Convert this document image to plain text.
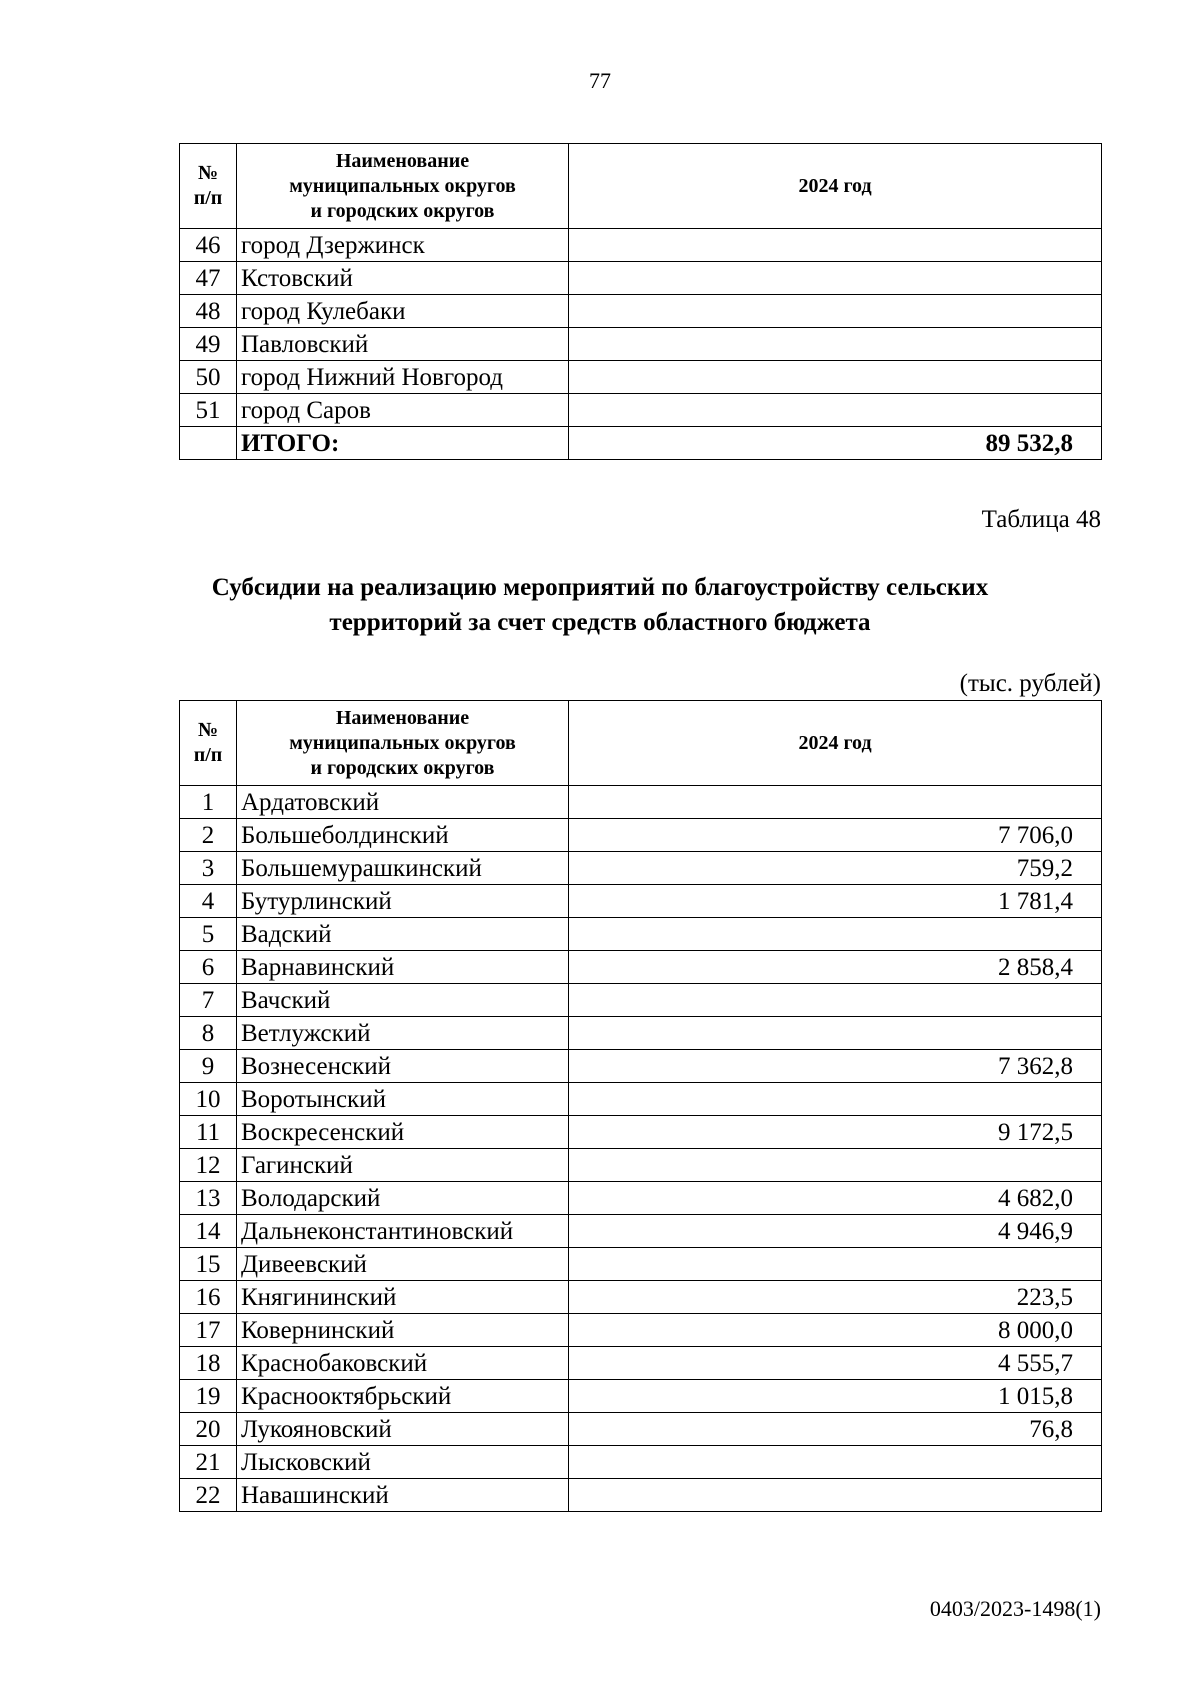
77
№
п/п	Наименование
муниципальных округов
и городских округов	2024 год
46	город Дзержинск	
47	Кстовский	
48	город Кулебаки	
49	Павловский	
50	город Нижний Новгород	
51	город Саров	
	ИТОГО:	89 532,8
Таблица 48
Субсидии на реализацию мероприятий по благоустройству сельских
территорий за счет средств областного бюджета
(тыс. рублей)
№
п/п	Наименование
муниципальных округов
и городских округов	2024 год
1	Ардатовский	
2	Большеболдинский	7 706,0
3	Большемурашкинский	759,2
4	Бутурлинский	1 781,4
5	Вадский	
6	Варнавинский	2 858,4
7	Вачский	
8	Ветлужский	
9	Вознесенский	7 362,8
10	Воротынский	
11	Воскресенский	9 172,5
12	Гагинский	
13	Володарский	4 682,0
14	Дальнеконстантиновский	4 946,9
15	Дивеевский	
16	Княгининский	223,5
17	Ковернинский	8 000,0
18	Краснобаковский	4 555,7
19	Краснооктябрьский	1 015,8
20	Лукояновский	76,8
21	Лысковский	
22	Навашинский	
0403/2023-1498(1)
